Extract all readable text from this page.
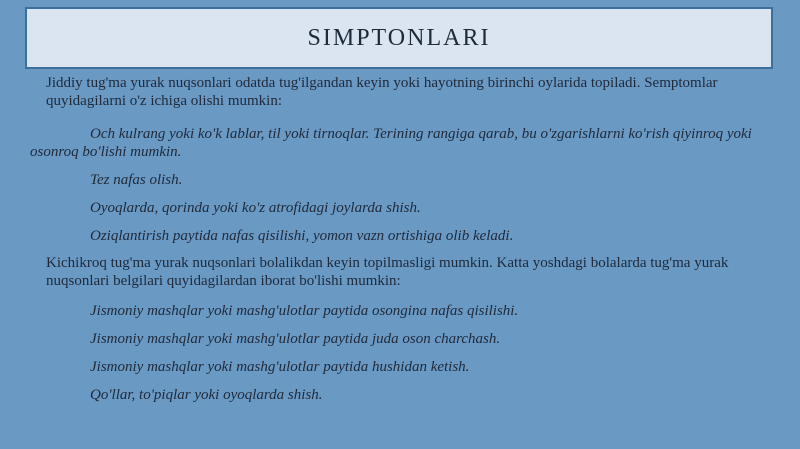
SIMPTONLARI

Jiddiy tug'ma yurak nuqsonlari odatda tug'ilgandan keyin yoki hayotning birinchi oylarida topiladi. Semptomlar quyidagilarni o'z ichiga olishi mumkin:

Och kulrang yoki ko'k lablar, til yoki tirnoqlar. Terining rangiga qarab, bu o'zgarishlarni ko'rish qiyinroq yoki osonroq bo'lishi mumkin.

Tez nafas olish.

Oyoqlarda, qorinda yoki ko'z atrofidagi joylarda shish.

Oziqlantirish paytida nafas qisilishi, yomon vazn ortishiga olib keladi.

Kichikroq tug'ma yurak nuqsonlari bolalikdan keyin topilmasligi mumkin. Katta yoshdagi bolalarda tug'ma yurak nuqsonlari belgilari quyidagilardan iborat bo'lishi mumkin:

Jismoniy mashqlar yoki mashg'ulotlar paytida osongina nafas qisilishi.

Jismoniy mashqlar yoki mashg'ulotlar paytida juda oson charchash.

Jismoniy mashqlar yoki mashg'ulotlar paytida hushidan ketish.

Qo'llar, to'piqlar yoki oyoqlarda shish.
